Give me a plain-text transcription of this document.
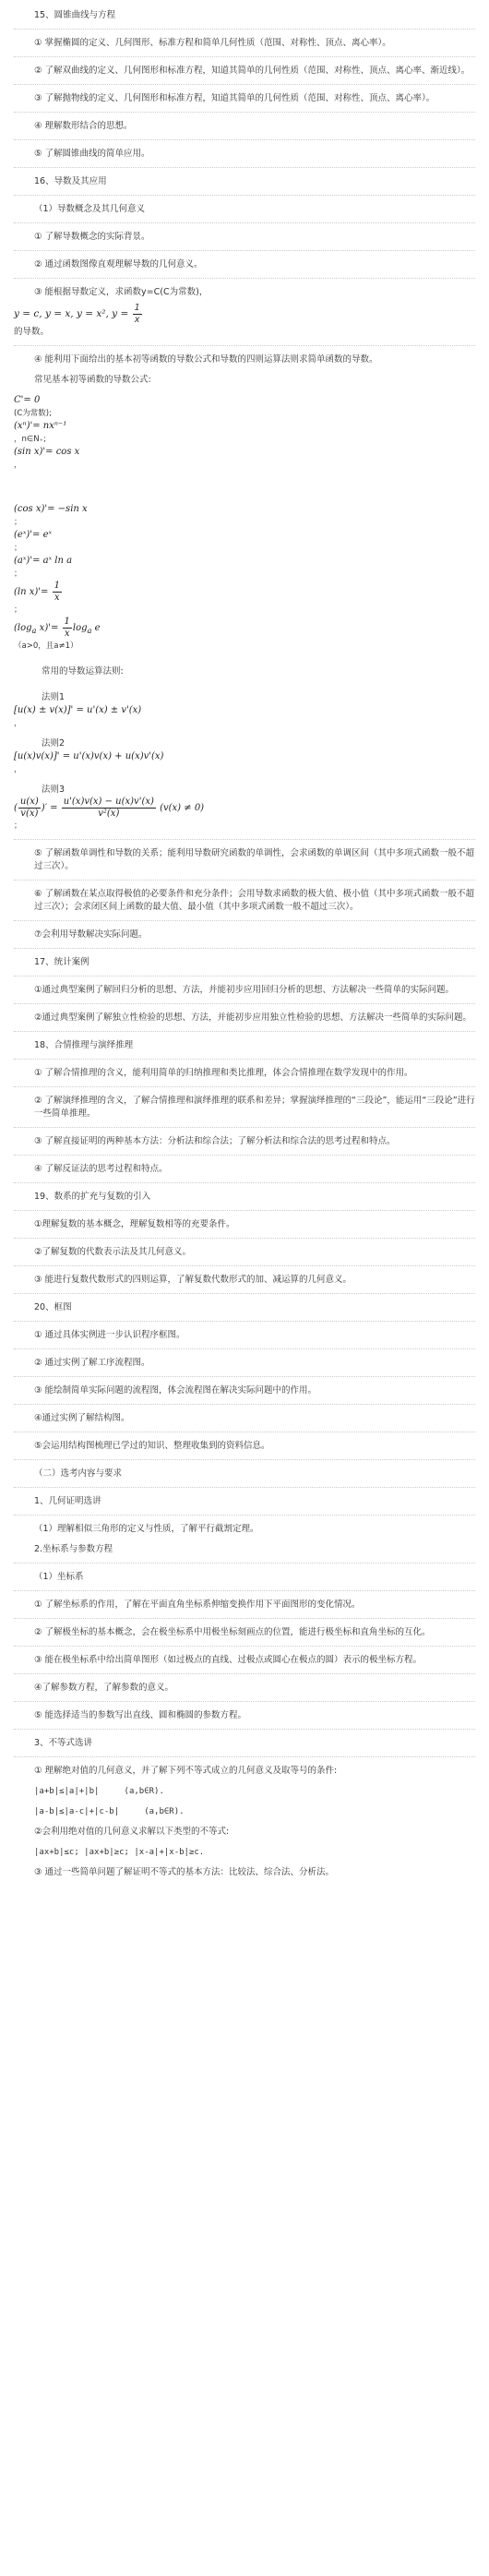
15、圆锥曲线与方程

① 掌握椭圆的定义、几何图形、标准方程和简单几何性质（范围、对称性、顶点、离心率）。

② 了解双曲线的定义、几何图形和标准方程，知道其简单的几何性质（范围、对称性、顶点、离心率、渐近线）。

③ 了解抛物线的定义、几何图形和标准方程，知道其简单的几何性质（范围、对称性、顶点、离心率）。

④ 理解数形结合的思想。

⑤ 了解圆锥曲线的简单应用。

16、导数及其应用

（1）导数概念及其几何意义

① 了解导数概念的实际背景。

② 通过函数图像直观理解导数的几何意义。

③ 能根据导数定义，求函数y=C(C为常数)，

y = c, y = x, y = x², $y = \frac{1}{x}$

的导数。

④ 能利用下面给出的基本初等函数的导数公式和导数的四则运算法则求简单函数的导数。

常见基本初等函数的导数公式:

C'= 0
(C为常数);
(xⁿ)'= nxⁿ⁻¹
，n∈N₊;
(sin x)'= cos x
，
(cos x)'= −sin x
；
(eˣ)'= eˣ
；
(aˣ)'= aˣ ln a
；
(ln $x)'= \frac{1}{x}$
；
($\log_a$ $x)'= \frac{1}{x} \log_a e$
（a>0，且a≠1）

常用的导数运算法则:

法则1

[u(x) ± v(x)]' = u'(x) ± v'(x)
，

法则2

[u(x)v(x)]' = u'(x)v(x) + u(x)v'(x)
，

法则3

( $\frac{u(x)}{v(x)}$ )′ = $\frac{u'(x)v(x) - u(x)v'(x)}{\text{v²(x)}} (v(x) \ne 0)$
；

⑤ 了解函数单调性和导数的关系；能利用导数研究函数的单调性，会求函数的单调区间（其中多项式函数一般不超过三次）。

⑥ 了解函数在某点取得极值的必要条件和充分条件；会用导数求函数的极大值、极小值（其中多项式函数一般不超过三次）；会求闭区间上函数的最大值、最小值（其中多项式函数一般不超过三次）。

⑦会利用导数解决实际问题。

17、统计案例

①通过典型案例了解回归分析的思想、方法，并能初步应用回归分析的思想、方法解决一些简单的实际问题。

②通过典型案例了解独立性检验的思想、方法，并能初步应用独立性检验的思想、方法解决一些简单的实际问题。

18、合情推理与演绎推理

① 了解合情推理的含义，能利用简单的归纳推理和类比推理，体会合情推理在数学发现中的作用。

② 了解演绎推理的含义，了解合情推理和演绎推理的联系和差异；掌握演绎推理的“三段论”，能运用“三段论”进行一些简单推理。

③ 了解直接证明的两种基本方法：分析法和综合法；了解分析法和综合法的思考过程和特点。

④ 了解反证法的思考过程和特点。

19、数系的扩充与复数的引入

①理解复数的基本概念，理解复数相等的充要条件。

②了解复数的代数表示法及其几何意义。

③ 能进行复数代数形式的四则运算，了解复数代数形式的加、减运算的几何意义。

20、框图

① 通过具体实例进一步认识程序框图。

② 通过实例了解工序流程图。

③ 能绘制简单实际问题的流程图，体会流程图在解决实际问题中的作用。

④通过实例了解结构图。

⑤会运用结构图梳理已学过的知识、整理收集到的资料信息。

（二）选考内容与要求

1、几何证明选讲

（1）理解相似三角形的定义与性质，了解平行截割定理。

2.坐标系与参数方程

（1）坐标系

① 了解坐标系的作用，了解在平面直角坐标系伸缩变换作用下平面图形的变化情况。

② 了解极坐标的基本概念，会在极坐标系中用极坐标刻画点的位置，能进行极坐标和直角坐标的互化。

③ 能在极坐标系中给出简单图形（如过极点的直线、过极点或圆心在极点的圆）表示的极坐标方程。

④了解参数方程，了解参数的意义。

⑤ 能选择适当的参数写出直线、圆和椭圆的参数方程。

3、不等式选讲

① 理解绝对值的几何意义，并了解下列不等式成立的几何意义及取等号的条件:

|a+b|≤|a|+|b|	(a,b∈R).

|a-b|≤|a-c|+|c-b|	(a,b∈R).

②会利用绝对值的几何意义求解以下类型的不等式:

|ax+b|≤c; |ax+b|≥c; |x-a|+|x-b|≥c.

③ 通过一些简单问题了解证明不等式的基本方法：比较法、综合法、分析法。
